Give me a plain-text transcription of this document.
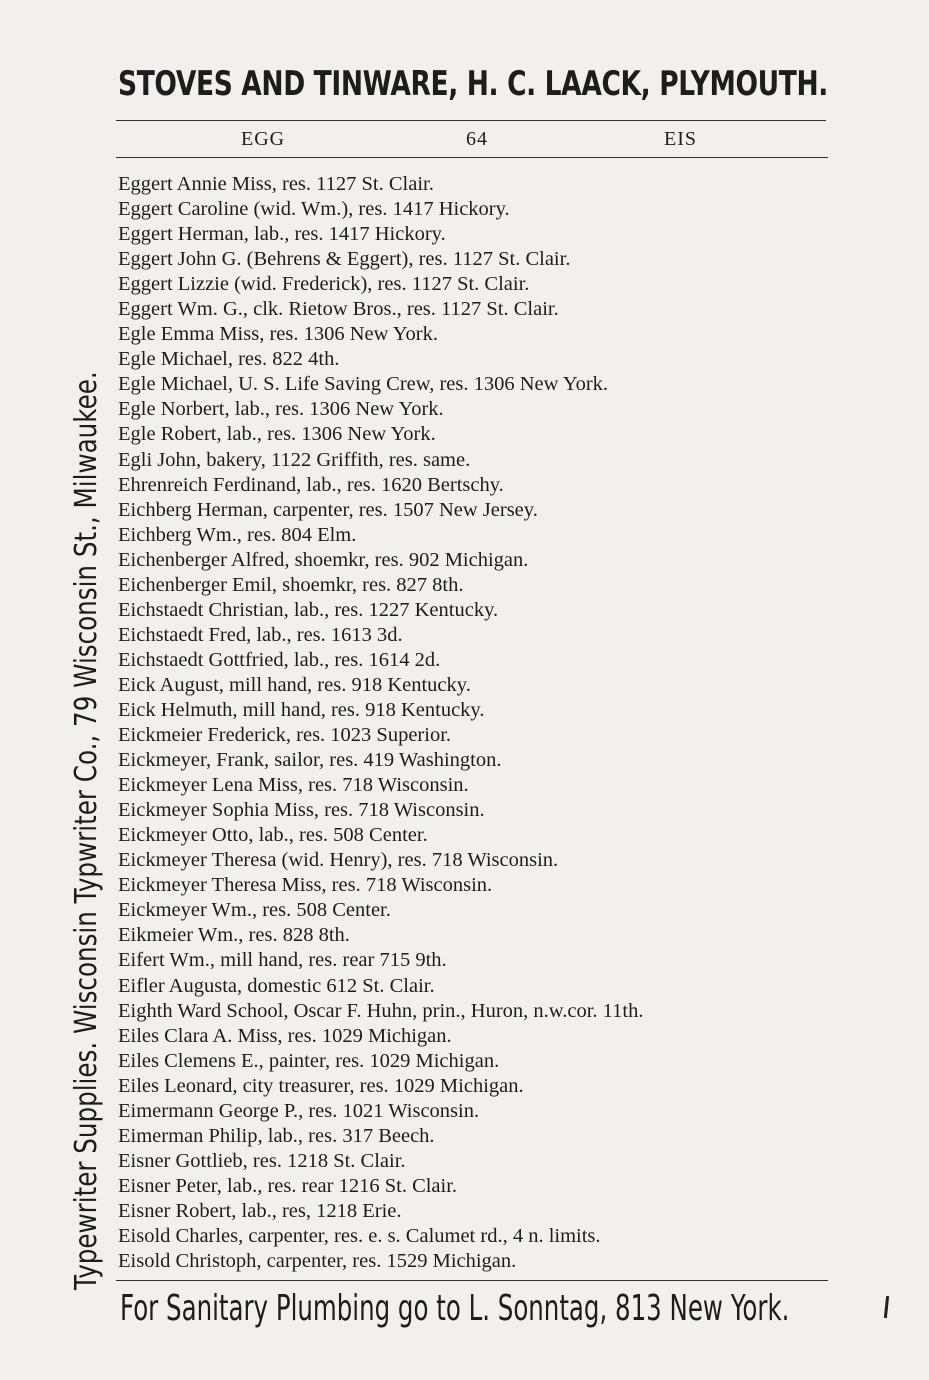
STOVES AND TINWARE, H. C. LAACK, PLYMOUTH.
EGG	64	EIS
Typewriter Supplies. Wisconsin Typwriter Co., 79 Wisconsin St., Milwaukee.
Eggert Annie Miss, res. 1127 St. Clair.
Eggert Caroline (wid. Wm.), res. 1417 Hickory.
Eggert Herman, lab., res. 1417 Hickory.
Eggert John G. (Behrens & Eggert), res. 1127 St. Clair.
Eggert Lizzie (wid. Frederick), res. 1127 St. Clair.
Eggert Wm. G., clk. Rietow Bros., res. 1127 St. Clair.
Egle Emma Miss, res. 1306 New York.
Egle Michael, res. 822 4th.
Egle Michael, U. S. Life Saving Crew, res. 1306 New York.
Egle Norbert, lab., res. 1306 New York.
Egle Robert, lab., res. 1306 New York.
Egli John, bakery, 1122 Griffith, res. same.
Ehrenreich Ferdinand, lab., res. 1620 Bertschy.
Eichberg Herman, carpenter, res. 1507 New Jersey.
Eichberg Wm., res. 804 Elm.
Eichenberger Alfred, shoemkr, res. 902 Michigan.
Eichenberger Emil, shoemkr, res. 827 8th.
Eichstaedt Christian, lab., res. 1227 Kentucky.
Eichstaedt Fred, lab., res. 1613 3d.
Eichstaedt Gottfried, lab., res. 1614 2d.
Eick August, mill hand, res. 918 Kentucky.
Eick Helmuth, mill hand, res. 918 Kentucky.
Eickmeier Frederick, res. 1023 Superior.
Eickmeyer, Frank, sailor, res. 419 Washington.
Eickmeyer Lena Miss, res. 718 Wisconsin.
Eickmeyer Sophia Miss, res. 718 Wisconsin.
Eickmeyer Otto, lab., res. 508 Center.
Eickmeyer Theresa (wid. Henry), res. 718 Wisconsin.
Eickmeyer Theresa Miss, res. 718 Wisconsin.
Eickmeyer Wm., res. 508 Center.
Eikmeier Wm., res. 828 8th.
Eifert Wm., mill hand, res. rear 715 9th.
Eifler Augusta, domestic 612 St. Clair.
Eighth Ward School, Oscar F. Huhn, prin., Huron, n.w.cor. 11th.
Eiles Clara A. Miss, res. 1029 Michigan.
Eiles Clemens E., painter, res. 1029 Michigan.
Eiles Leonard, city treasurer, res. 1029 Michigan.
Eimermann George P., res. 1021 Wisconsin.
Eimerman Philip, lab., res. 317 Beech.
Eisner Gottlieb, res. 1218 St. Clair.
Eisner Peter, lab., res. rear 1216 St. Clair.
Eisner Robert, lab., res, 1218 Erie.
Eisold Charles, carpenter, res. e. s. Calumet rd., 4 n. limits.
Eisold Christoph, carpenter, res. 1529 Michigan.
For Sanitary Plumbing go to L. Sonntag, 813 New York.
